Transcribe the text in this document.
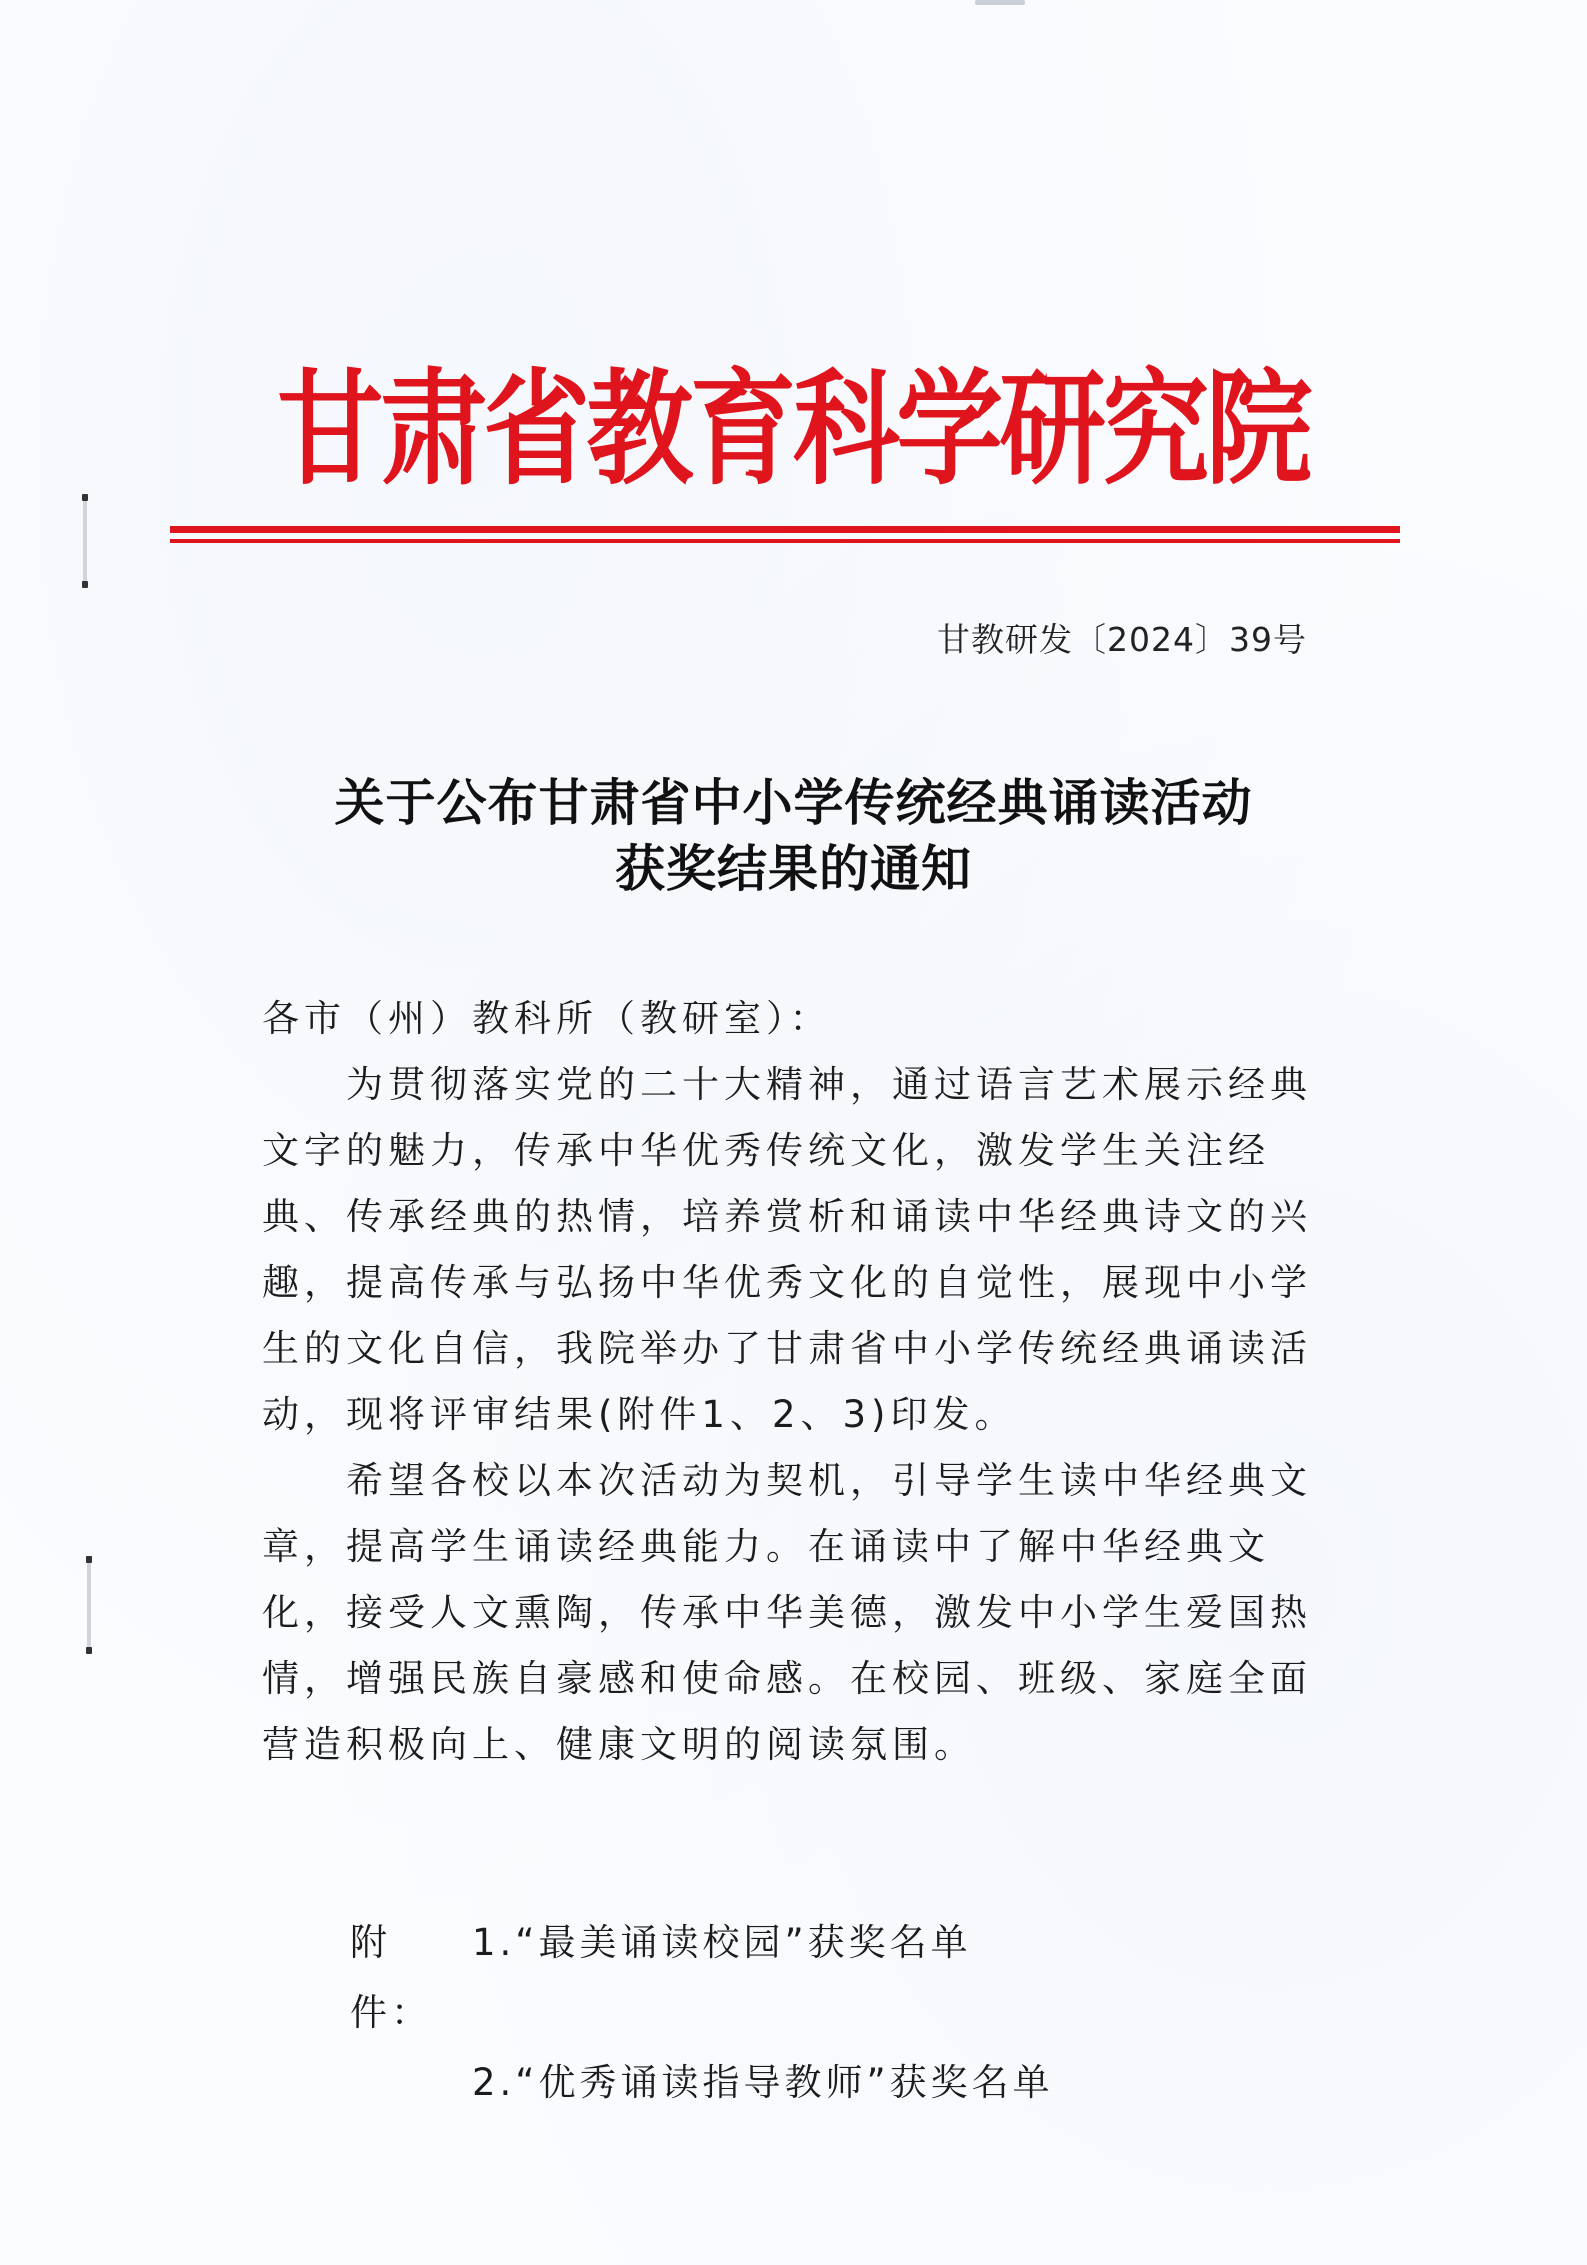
甘肃省教育科学研究院
甘教研发〔2024〕39号
关于公布甘肃省中小学传统经典诵读活动
获奖结果的通知
各市（州）教科所（教研室）：
为贯彻落实党的二十大精神，通过语言艺术展示经典文字的魅力，传承中华优秀传统文化，激发学生关注经典、传承经典的热情，培养赏析和诵读中华经典诗文的兴趣，提高传承与弘扬中华优秀文化的自觉性，展现中小学生的文化自信，我院举办了甘肃省中小学传统经典诵读活动，现将评审结果(附件1、2、3)印发。
希望各校以本次活动为契机，引导学生读中华经典文章，提高学生诵读经典能力。在诵读中了解中华经典文化，接受人文熏陶，传承中华美德，激发中小学生爱国热情，增强民族自豪感和使命感。在校园、班级、家庭全面营造积极向上、健康文明的阅读氛围。
附件：
1.“最美诵读校园”获奖名单
2.“优秀诵读指导教师”获奖名单
